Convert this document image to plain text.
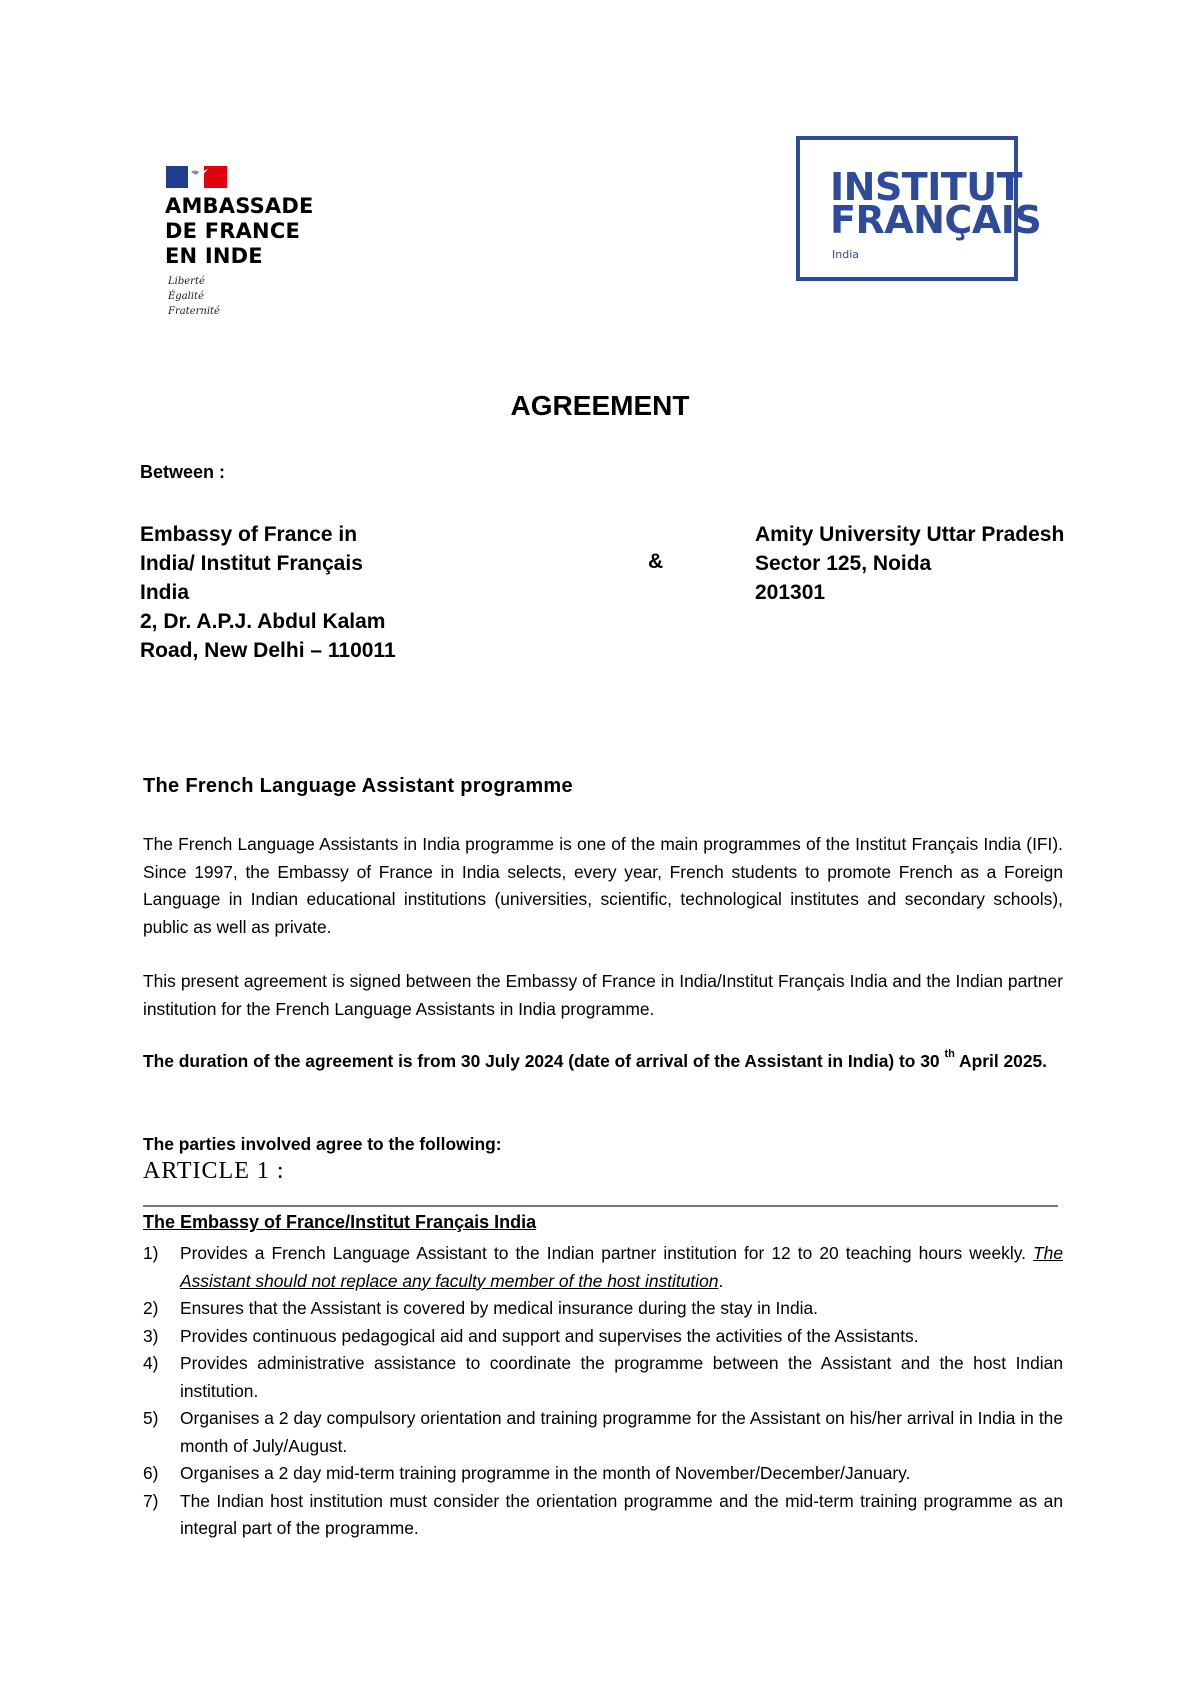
AMBASSADE
DE FRANCE
EN INDE
Liberté
Égalité
Fraternité
INSTITUT
FRANÇAIS
India
AGREEMENT
Between :
Embassy of France in
India/ Institut Français
India
2, Dr. A.P.J. Abdul Kalam
Road, New Delhi – 110011
&
Amity University Uttar Pradesh
Sector 125, Noida
201301
The French Language Assistant programme
The French Language Assistants in India programme is one of the main programmes of the Institut Français India (IFI). Since 1997, the Embassy of France in India selects, every year, French students to promote French as a Foreign Language in Indian educational institutions (universities, scientific, technological institutes and secondary schools), public as well as private.
This present agreement is signed between the Embassy of France in India/Institut Français India and the Indian partner institution for the French Language Assistants in India programme.
The duration of the agreement is from 30 July 2024 (date of arrival of the Assistant in India) to 30 $^{th}$ April 2025.
The parties involved agree to the following:
ARTICLE 1 :
The Embassy of France/Institut Français India
1) Provides a French Language Assistant to the Indian partner institution for 12 to 20 teaching hours weekly. The Assistant should not replace any faculty member of the host institution.
2) Ensures that the Assistant is covered by medical insurance during the stay in India.
3) Provides continuous pedagogical aid and support and supervises the activities of the Assistants.
4) Provides administrative assistance to coordinate the programme between the Assistant and the host Indian institution.
5) Organises a 2 day compulsory orientation and training programme for the Assistant on his/her arrival in India in the month of July/August.
6) Organises a 2 day mid-term training programme in the month of November/December/January.
7) The Indian host institution must consider the orientation programme and the mid-term training programme as an integral part of the programme.
